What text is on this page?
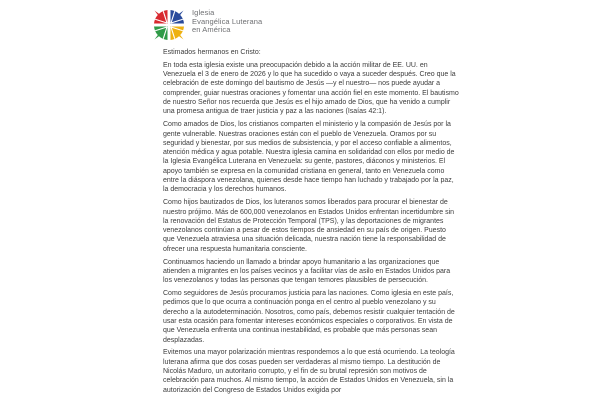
Iglesia
Evangélica Luterana
en América

Estimados hermanos en Cristo:

En toda esta iglesia existe una preocupación debido a la acción militar de EE. UU. en Venezuela el 3 de enero de 2026 y lo que ha sucedido o vaya a suceder después. Creo que la celebración de este domingo del bautismo de Jesús —y el nuestro— nos puede ayudar a comprender, guiar nuestras oraciones y fomentar una acción fiel en este momento. El bautismo de nuestro Señor nos recuerda que Jesús es el hijo amado de Dios, que ha venido a cumplir una promesa antigua de traer justicia y paz a las naciones (Isaías 42:1).

Como amados de Dios, los cristianos comparten el ministerio y la compasión de Jesús por la gente vulnerable. Nuestras oraciones están con el pueblo de Venezuela. Oramos por su seguridad y bienestar, por sus medios de subsistencia, y por el acceso confiable a alimentos, atención médica y agua potable. Nuestra iglesia camina en solidaridad con ellos por medio de la Iglesia Evangélica Luterana en Venezuela: su gente, pastores, diáconos y ministerios. El apoyo también se expresa en la comunidad cristiana en general, tanto en Venezuela como entre la diáspora venezolana, quienes desde hace tiempo han luchado y trabajado por la paz, la democracia y los derechos humanos.

Como hijos bautizados de Dios, los luteranos somos liberados para procurar el bienestar de nuestro prójimo. Más de 600,000 venezolanos en Estados Unidos enfrentan incertidumbre sin la renovación del Estatus de Protección Temporal (TPS), y las deportaciones de migrantes venezolanos continúan a pesar de estos tiempos de ansiedad en su país de origen. Puesto que Venezuela atraviesa una situación delicada, nuestra nación tiene la responsabilidad de ofrecer una respuesta humanitaria consciente.

Continuamos haciendo un llamado a brindar apoyo humanitario a las organizaciones que atienden a migrantes en los países vecinos y a facilitar vías de asilo en Estados Unidos para los venezolanos y todas las personas que tengan temores plausibles de persecución.

Como seguidores de Jesús procuramos justicia para las naciones. Como iglesia en este país, pedimos que lo que ocurra a continuación ponga en el centro al pueblo venezolano y su derecho a la autodeterminación. Nosotros, como país, debemos resistir cualquier tentación de usar esta ocasión para fomentar intereses económicos especiales o corporativos. En vista de que Venezuela enfrenta una continua inestabilidad, es probable que más personas sean desplazadas.

Evitemos una mayor polarización mientras respondemos a lo que está ocurriendo. La teología luterana afirma que dos cosas pueden ser verdaderas al mismo tiempo. La destitución de Nicolás Maduro, un autoritario corrupto, y el fin de su brutal represión son motivos de celebración para muchos. Al mismo tiempo, la acción de Estados Unidos en Venezuela, sin la autorización del Congreso de Estados Unidos exigida por
